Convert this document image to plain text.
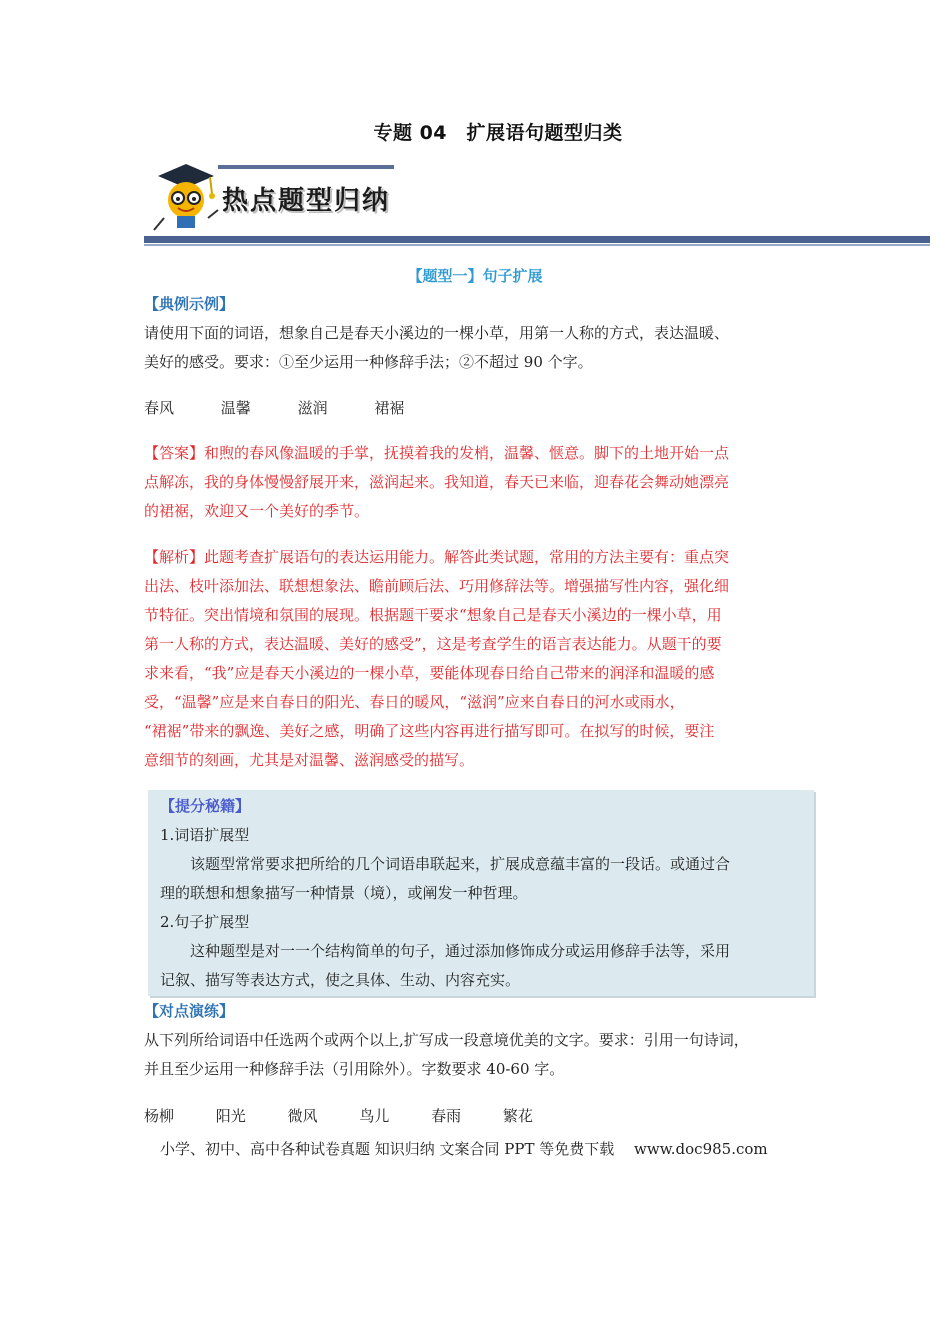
专题 04　扩展语句题型归类
热点题型归纳
【题型一】句子扩展
【典例示例】
请使用下面的词语，想象自己是春天小溪边的一棵小草，用第一人称的方式，表达温暖、
美好的感受。要求：①至少运用一种修辞手法；②不超过 90 个字。
春风	温馨	滋润	裙裾
【答案】和煦的春风像温暖的手掌，抚摸着我的发梢，温馨、惬意。脚下的土地开始一点
点解冻，我的身体慢慢舒展开来，滋润起来。我知道，春天已来临，迎春花会舞动她漂亮
的裙裾，欢迎又一个美好的季节。
【解析】此题考查扩展语句的表达运用能力。解答此类试题，常用的方法主要有：重点突
出法、枝叶添加法、联想想象法、瞻前顾后法、巧用修辞法等。增强描写性内容，强化细
节特征。突出情境和氛围的展现。根据题干要求“想象自己是春天小溪边的一棵小草，用
第一人称的方式，表达温暖、美好的感受”，这是考查学生的语言表达能力。从题干的要
求来看，“我”应是春天小溪边的一棵小草，要能体现春日给自己带来的润泽和温暖的感
受，“温馨”应是来自春日的阳光、春日的暖风，“滋润”应来自春日的河水或雨水，
“裙裾”带来的飘逸、美好之感，明确了这些内容再进行描写即可。在拟写的时候，要注
意细节的刻画，尤其是对温馨、滋润感受的描写。
【提分秘籍】
1.词语扩展型
该题型常常要求把所给的几个词语串联起来，扩展成意蕴丰富的一段话。或通过合
理的联想和想象描写一种情景（境），或阐发一种哲理。
2.句子扩展型
这种题型是对一一个结构简单的句子，通过添加修饰成分或运用修辞手法等，采用
记叙、描写等表达方式，使之具体、生动、内容充实。
【对点演练】
从下列所给词语中任选两个或两个以上,扩写成一段意境优美的文字。要求：引用一句诗词，
并且至少运用一种修辞手法（引用除外）。字数要求 40-60 字。
杨柳	阳光	微风	鸟儿	春雨	繁花
小学、初中、高中各种试卷真题 知识归纳 文案合同 PPT 等免费下载　 www.doc985.com
